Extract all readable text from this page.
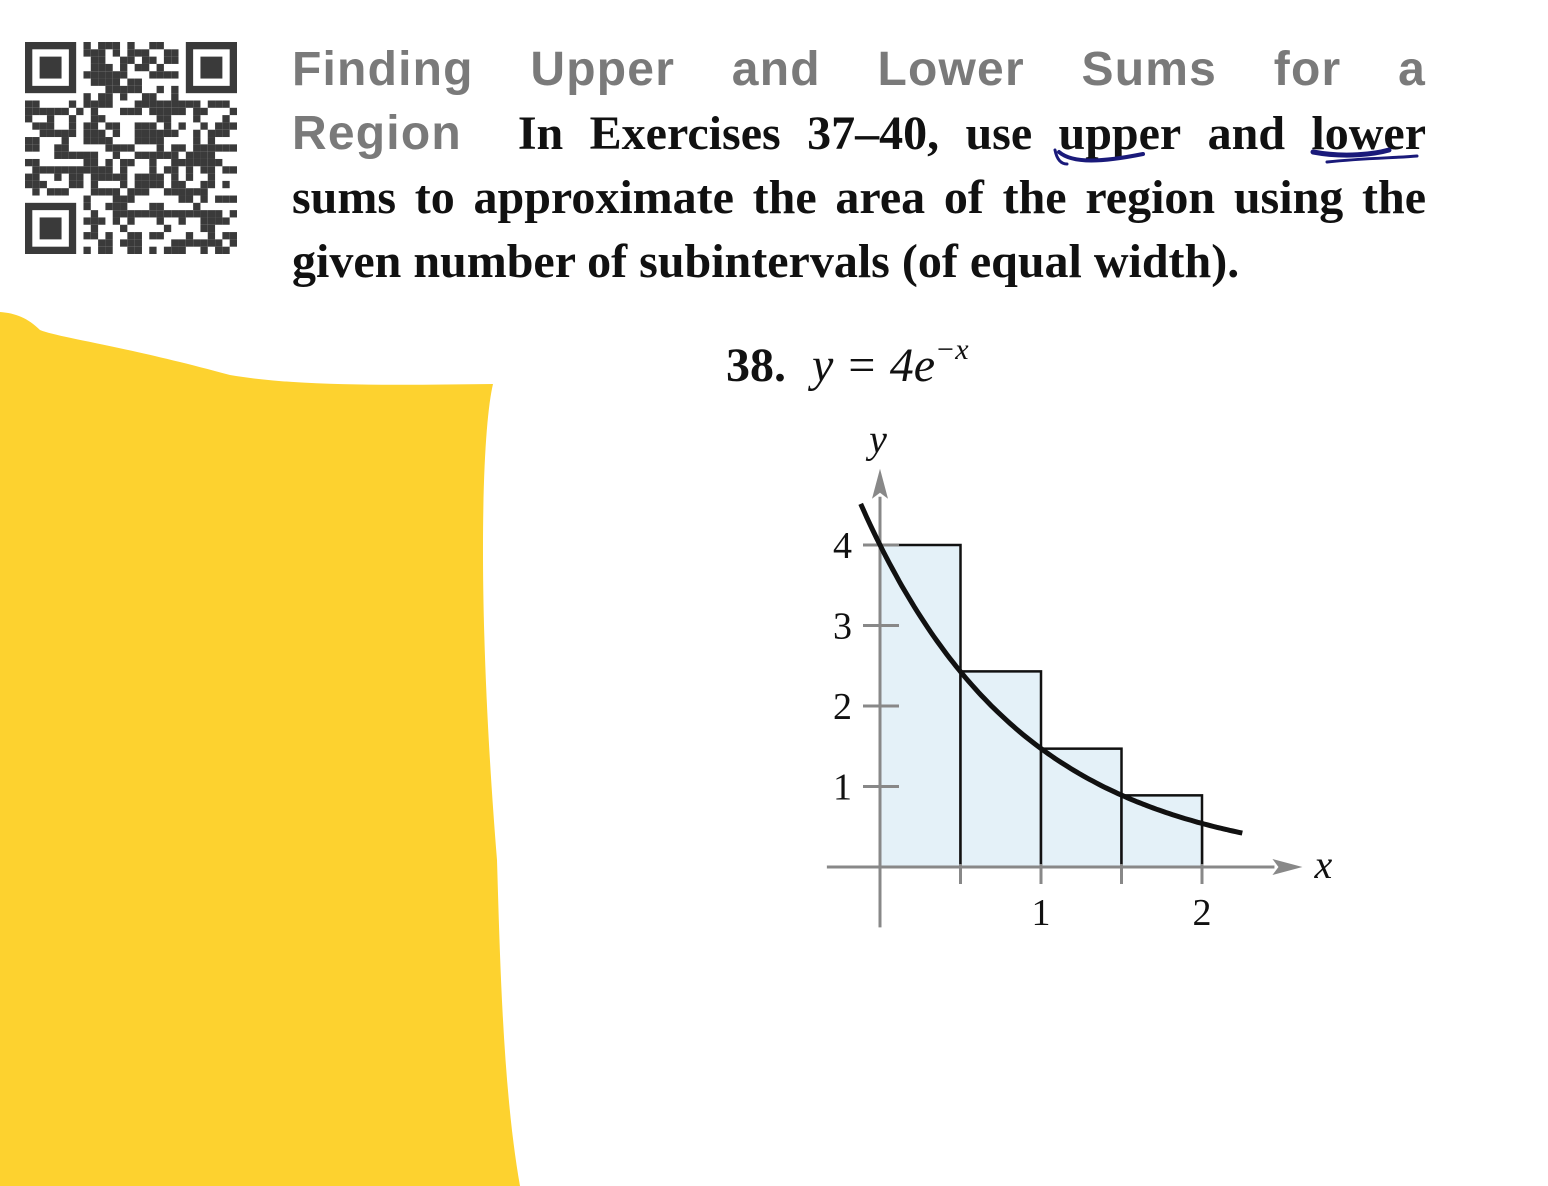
Finding Upper and Lower Sums for a Region In Exercises 37–40, use upper
and lower
sums to approximate the area of the region using the given number of subintervals (of equal width).

38. $y = 4e^{-x}$

1	2
1
2
3
4
x
y
